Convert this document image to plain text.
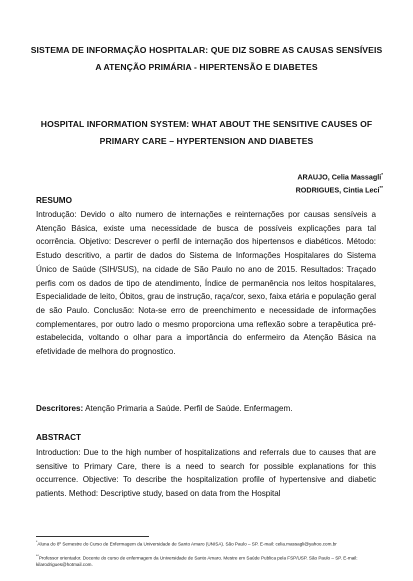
SISTEMA DE INFORMAÇÃO HOSPITALAR: QUE DIZ SOBRE AS CAUSAS SENSÍVEIS A ATENÇÃO PRIMÁRIA - HIPERTENSÃO E DIABETES
HOSPITAL INFORMATION SYSTEM: WHAT ABOUT THE SENSITIVE CAUSES OF PRIMARY CARE – HYPERTENSION AND DIABETES
ARAUJO, Celia Massagli*
RODRIGUES, Cintia Leci**
RESUMO
Introdução: Devido o alto numero de internações e reinternações por causas sensíveis a Atenção Básica, existe uma necessidade de busca de possíveis explicações para tal ocorrência. Objetivo: Descrever o perfil de internação dos hipertensos e diabéticos. Método: Estudo descritivo, a partir de dados do Sistema de Informações Hospitalares do Sistema Único de Saúde (SIH/SUS), na cidade de São Paulo no ano de 2015. Resultados: Traçado perfis com os dados de tipo de atendimento, Índice de permanência nos leitos hospitalares, Especialidade de leito, Óbitos, grau de instrução, raça/cor, sexo, faixa etária e população geral de são Paulo. Conclusão: Nota-se erro de preenchimento e necessidade de informações complementares, por outro lado o mesmo proporciona uma reflexão sobre a terapêutica pré-estabelecida, voltando o olhar para a importância do enfermeiro da Atenção Básica na efetividade de melhora do prognostico.
Descritores: Atenção Primaria a Saúde. Perfil de Saúde. Enfermagem.
ABSTRACT
Introduction: Due to the high number of hospitalizations and referrals due to causes that are sensitive to Primary Care, there is a need to search for possible explanations for this occurrence. Objective: To describe the hospitalization profile of hypertensive and diabetic patients. Method: Descriptive study, based on data from the Hospital
*Aluna do 8º Semestre do Curso de Enfermagem da Universidade de Santo Amaro (UNISA). São Paulo – SP. E-mail: celia.massagli@yahoo.com.br
**Professor orientador. Docente do curso de enfermagem da Universidade de Santo Amaro. Mestre em Saúde Publica pela FSP/USP. São Paulo – SP. E-mail: kilarodrigues@hotmail.com.
